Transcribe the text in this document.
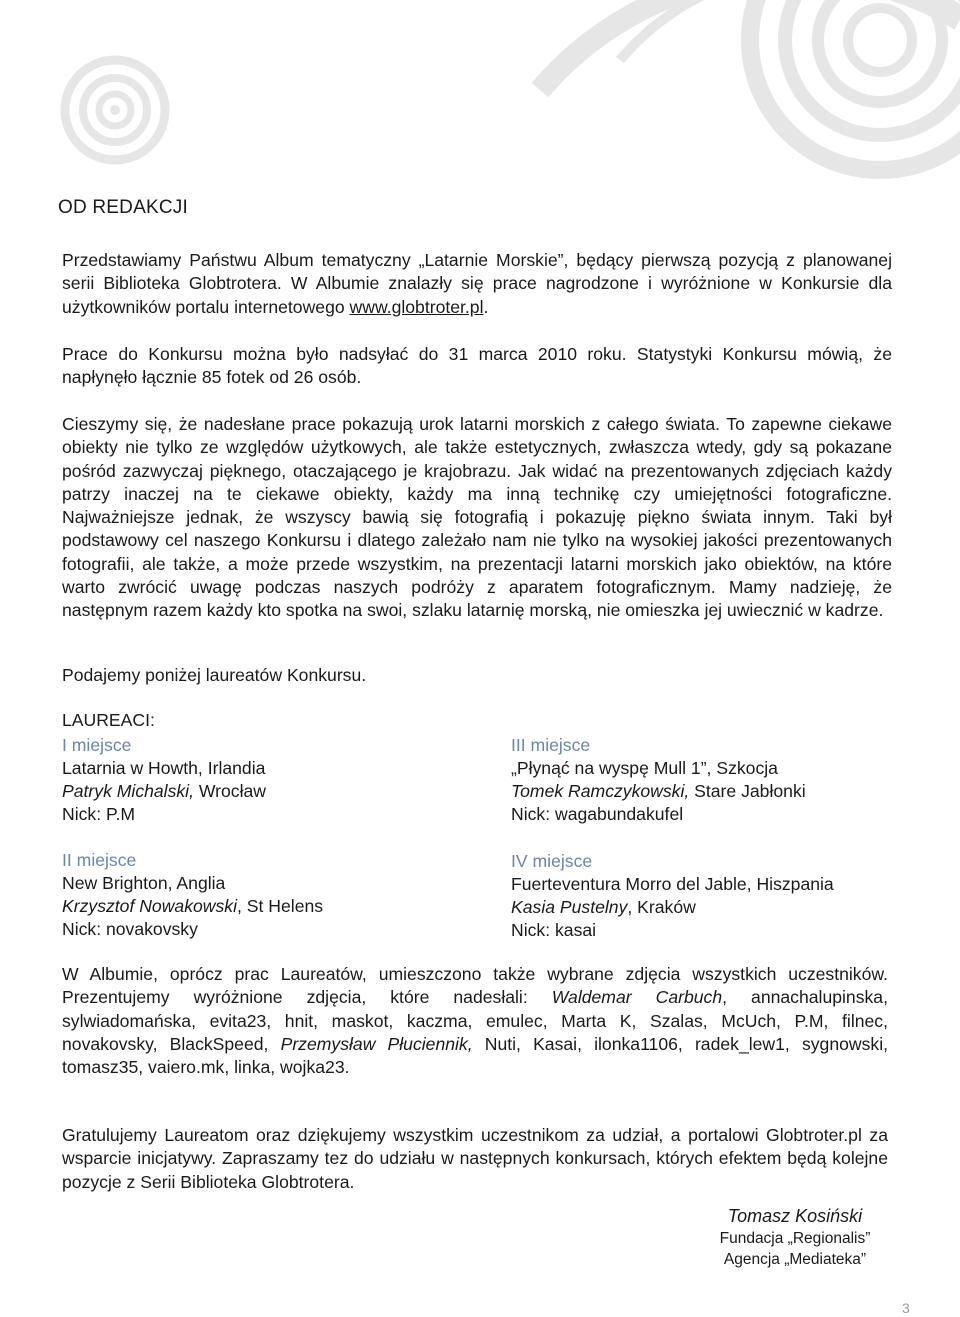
OD REDAKCJI

Przedstawiamy Państwu Album tematyczny „Latarnie Morskie”, będący pierwszą pozycją z planowanej serii Biblioteka Globtrotera. W Albumie znalazły się prace nagrodzone i wyróżnione w Konkursie dla użytkowników portalu internetowego www.globtroter.pl.

Prace do Konkursu można było nadsyłać do 31 marca 2010 roku. Statystyki Konkursu mówią, że napłynęło łącznie 85 fotek od 26 osób.

Cieszymy się, że nadesłane prace pokazują urok latarni morskich z całego świata. To zapewne ciekawe obiekty nie tylko ze względów użytkowych, ale także estetycznych, zwłaszcza wtedy, gdy są pokazane pośród zazwyczaj pięknego, otaczającego je krajobrazu. Jak widać na prezentowanych zdjęciach każdy patrzy inaczej na te ciekawe obiekty, każdy ma inną technikę czy umiejętności fotograficzne. Najważniejsze jednak, że wszyscy bawią się fotografią i pokazuję piękno świata innym. Taki był podstawowy cel naszego Konkursu i dlatego zależało nam nie tylko na wysokiej jakości prezentowanych fotografii, ale także, a może przede wszystkim, na prezentacji latarni morskich jako obiektów, na które warto zwrócić uwagę podczas naszych podróży z aparatem fotograficznym. Mamy nadzieję, że następnym razem każdy kto spotka na swoi, szlaku latarnię morską, nie omieszka jej uwiecznić w kadrze.

Podajemy poniżej laureatów Konkursu.

LAUREACI:
I miejsce
Latarnia w Howth, Irlandia
Patryk Michalski, Wrocław
Nick: P.M
II miejsce
New Brighton, Anglia
Krzysztof Nowakowski, St Helens
Nick: novakovsky
III miejsce
„Płynąć na wyspę Mull 1”, Szkocja
Tomek Ramczykowski, Stare Jabłonki
Nick: wagabundakufel
IV miejsce
Fuerteventura Morro del Jable, Hiszpania
Kasia Pustelny, Kraków
Nick: kasai

W Albumie, oprócz prac Laureatów, umieszczono także wybrane zdjęcia wszystkich uczestników. Prezentujemy wyróżnione zdjęcia, które nadesłali: Waldemar Carbuch, annachalupinska, sylwiadomańska, evita23, hnit, maskot, kaczma, emulec, Marta K, Szalas, McUch, P.M, filnec, novakovsky, BlackSpeed, Przemysław Płuciennik, Nuti, Kasai, ilonka1106, radek_lew1, sygnowski, tomasz35, vaiero.mk, linka, wojka23.

Gratulujemy Laureatom oraz dziękujemy wszystkim uczestnikom za udział, a portalowi Globtroter.pl za wsparcie inicjatywy. Zapraszamy tez do udziału w następnych konkursach, których efektem będą kolejne pozycje z Serii Biblioteka Globtrotera.

Tomasz Kosiński
Fundacja „Regionalis”
Agencja „Mediateka”
3
